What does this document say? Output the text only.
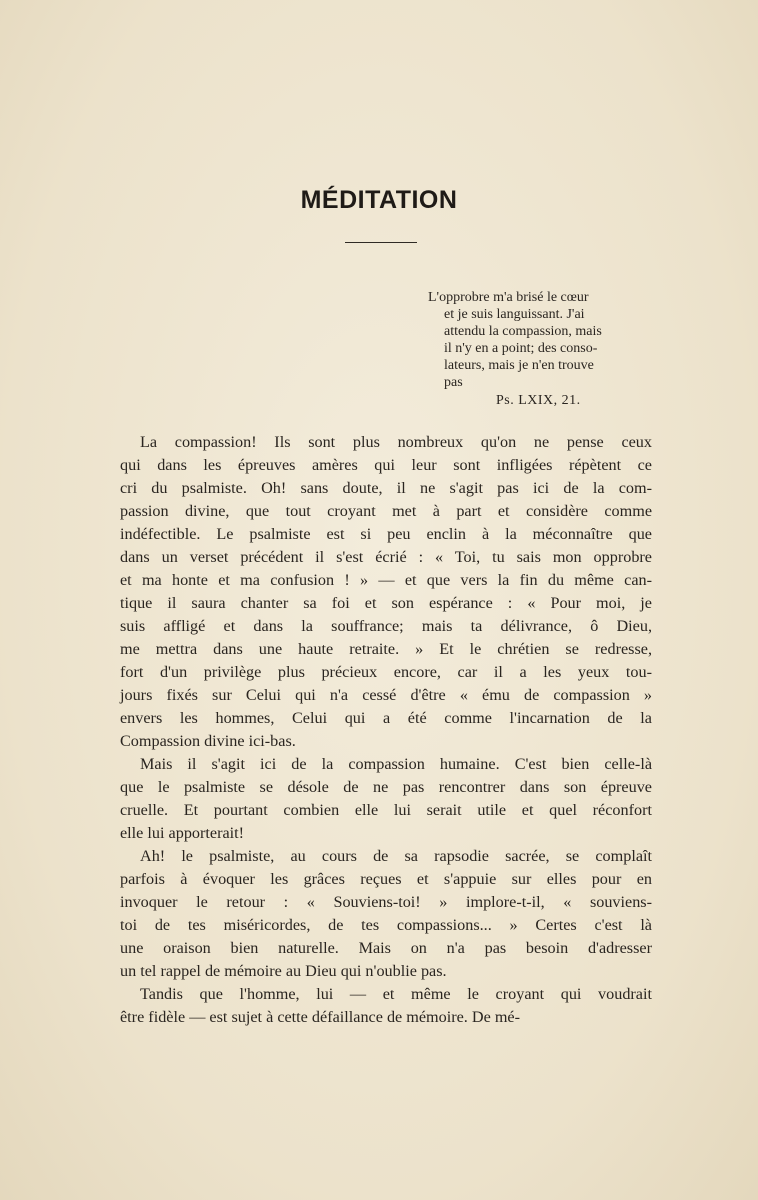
MÉDITATION
L'opprobre m'a brisé le cœur
et je suis languissant. J'ai
attendu la compassion, mais
il n'y en a point; des conso-
lateurs, mais je n'en trouve
pas
Ps. LXIX, 21.
La compassion! Ils sont plus nombreux qu'on ne pense ceux
qui dans les épreuves amères qui leur sont infligées répètent ce
cri du psalmiste. Oh! sans doute, il ne s'agit pas ici de la com-
passion divine, que tout croyant met à part et considère comme
indéfectible. Le psalmiste est si peu enclin à la méconnaître que
dans un verset précédent il s'est écrié : « Toi, tu sais mon opprobre
et ma honte et ma confusion ! » — et que vers la fin du même can-
tique il saura chanter sa foi et son espérance : « Pour moi, je
suis affligé et dans la souffrance; mais ta délivrance, ô Dieu,
me mettra dans une haute retraite. » Et le chrétien se redresse,
fort d'un privilège plus précieux encore, car il a les yeux tou-
jours fixés sur Celui qui n'a cessé d'être « ému de compassion »
envers les hommes, Celui qui a été comme l'incarnation de la
Compassion divine ici-bas.
Mais il s'agit ici de la compassion humaine. C'est bien celle-là
que le psalmiste se désole de ne pas rencontrer dans son épreuve
cruelle. Et pourtant combien elle lui serait utile et quel réconfort
elle lui apporterait!
Ah! le psalmiste, au cours de sa rapsodie sacrée, se complaît
parfois à évoquer les grâces reçues et s'appuie sur elles pour en
invoquer le retour : « Souviens-toi! » implore-t-il, « souviens-
toi de tes miséricordes, de tes compassions... » Certes c'est là
une oraison bien naturelle. Mais on n'a pas besoin d'adresser
un tel rappel de mémoire au Dieu qui n'oublie pas.
Tandis que l'homme, lui — et même le croyant qui voudrait
être fidèle — est sujet à cette défaillance de mémoire. De mé-
